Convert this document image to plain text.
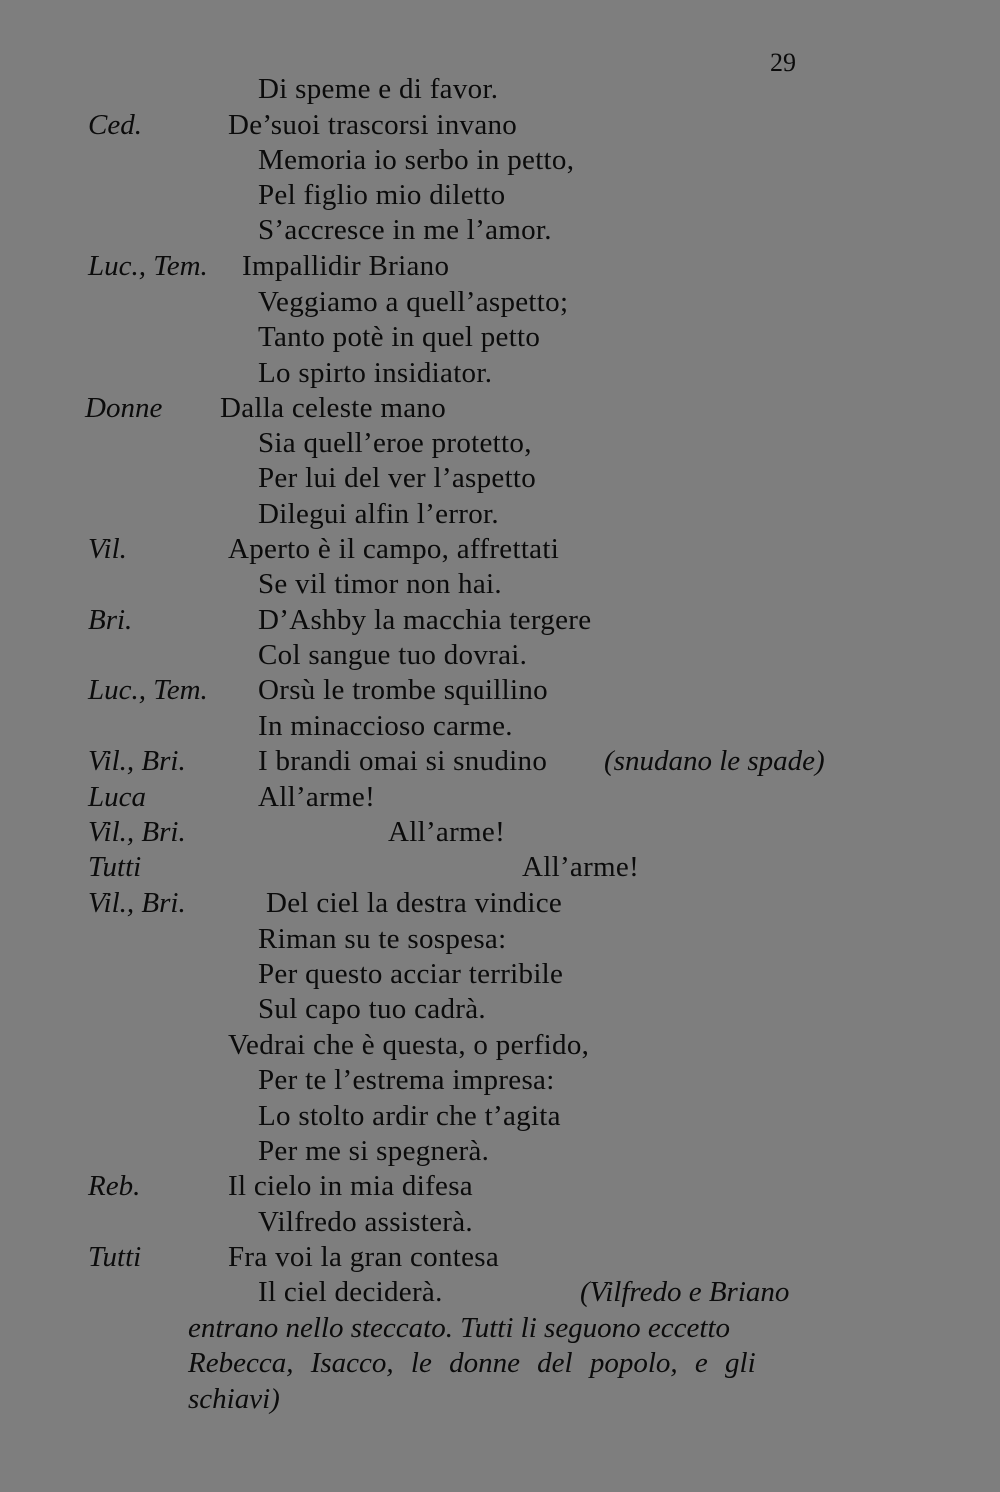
29
Di speme e di favor.
Ced.	De’suoi trascorsi invano
Memoria io serbo in petto,
Pel figlio mio diletto
S’accresce in me l’amor.
Luc., Tem. Impallidir Briano
Veggiamo a quell’aspetto;
Tanto potè in quel petto
Lo spirto insidiator.
Donne Dalla celeste mano
Sia quell’eroe protetto,
Per lui del ver l’aspetto
Dilegui alfin l’error.
Vil.	Aperto è il campo, affrettati
Se vil timor non hai.
Bri.	D’Ashby la macchia tergere
Col sangue tuo dovrai.
Luc., Tem. Orsù le trombe squillino
In minaccioso carme.
Vil., Bri. I brandi omai si snudino (snudano le spade)
Luca	All’arme!
Vil., Bri.	All’arme!
Tutti	All’arme!
Vil., Bri.	Del ciel la destra vindice
Riman su te sospesa:
Per questo acciar terribile
Sul capo tuo cadrà.
Vedrai che è questa, o perfido,
Per te l’estrema impresa:
Lo stolto ardir che t’agita
Per me si spegnerà.
Reb.	Il cielo in mia difesa
Vilfredo assisterà.
Tutti	Fra voi la gran contesa
Il ciel deciderà.	(Vilfredo e Briano
entrano nello steccato. Tutti li seguono eccetto
Rebecca, Isacco, le donne del popolo, e gli
schiavi)
